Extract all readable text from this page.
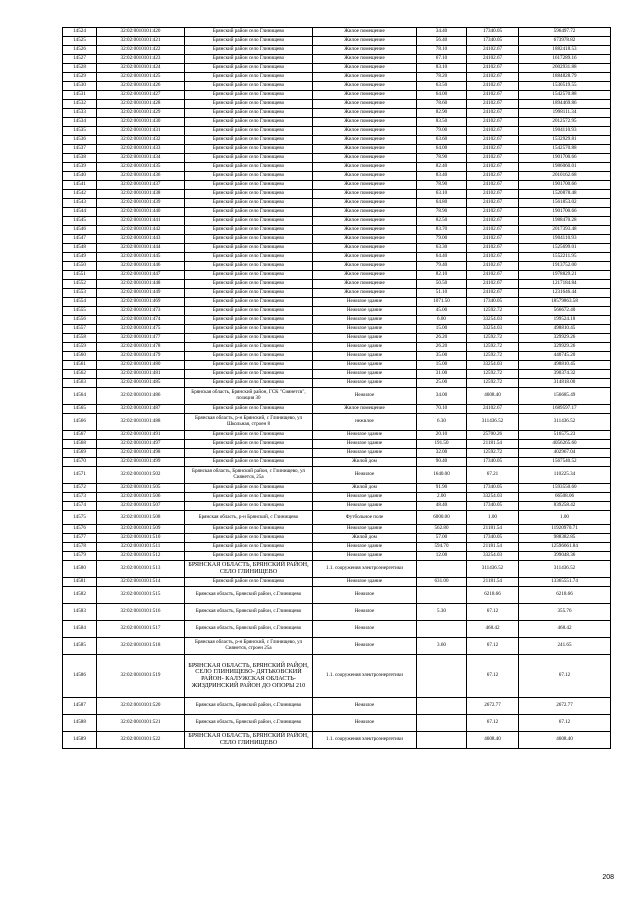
14524	32:02:0010101:420	Брянский район село Глинищево	Жилое помещение	34.40	17340.05	596497.72
14525	32:02:0010101:421	Брянский район село Глинищево	Жилое помещение	56.40	17340.05	673978.82
14526	32:02:0010101:422	Брянский район село Глинищево	Жилое помещение	78.10	24102.67	1882418.53
14527	32:02:0010101:423	Брянский район село Глинищево	Жилое помещение	67.10	24102.67	1617289.16
14528	32:02:0010101:424	Брянский район село Глинищево	Жилое помещение	83.10	24102.67	2002931.88
14529	32:02:0010101:425	Брянский район село Глинищево	Жилое помещение	78.20	24102.67	1884828.79
14530	32:02:0010101:426	Брянский район село Глинищево	Жилое помещение	63.50	24102.67	1530519.55
14531	32:02:0010101:427	Брянский район село Глинищево	Жилое помещение	64.00	24102.67	1542570.88
14532	32:02:0010101:428	Брянский район село Глинищево	Жилое помещение	78.60	24102.67	1894469.86
14533	32:02:0010101:429	Брянский район село Глинищево	Жилое помещение	82.90	24102.67	1998111.34
14534	32:02:0010101:430	Брянский район село Глинищево	Жилое помещение	83.50	24102.67	2012572.95
14535	32:02:0010101:431	Брянский район село Глинищево	Жилое помещение	79.00	24102.67	1904110.93
14536	32:02:0010101:432	Брянский район село Глинищево	Жилое помещение	63.60	24102.67	1532929.81
14537	32:02:0010101:433	Брянский район село Глинищево	Жилое помещение	64.00	24102.67	1542570.88
14538	32:02:0010101:434	Брянский район село Глинищево	Жилое помещение	78.90	24102.67	1901700.66
14539	32:02:0010101:435	Брянский район село Глинищево	Жилое помещение	82.40	24102.67	1986060.01
14540	32:02:0010101:436	Брянский район село Глинищево	Жилое помещение	83.40	24102.67	2010162.68
14541	32:02:0010101:437	Брянский район село Глинищево	Жилое помещение	78.90	24102.67	1901700.66
14542	32:02:0010101:438	Брянский район село Глинищево	Жилое помещение	63.10	24102.67	1520878.48
14543	32:02:0010101:439	Брянский район село Глинищево	Жилое помещение	64.80	24102.67	1561853.02
14544	32:02:0010101:440	Брянский район село Глинищево	Жилое помещение	78.90	24102.67	1901700.66
14545	32:02:0010101:441	Брянский район село Глинищево	Жилое помещение	82.50	24102.67	1988470.28
14546	32:02:0010101:442	Брянский район село Глинищево	Жилое помещение	83.70	24102.67	2017393.48
14547	32:02:0010101:443	Брянский район село Глинищево	Жилое помещение	79.00	24102.67	1904110.93
14548	32:02:0010101:444	Брянский район село Глинищево	Жилое помещение	63.30	24102.67	1525699.01
14549	32:02:0010101:445	Брянский район село Глинищево	Жилое помещение	64.40	24102.67	1552211.95
14550	32:02:0010101:446	Брянский район село Глинищево	Жилое помещение	79.40	24102.67	1913752.00
14551	32:02:0010101:447	Брянский район село Глинищево	Жилое помещение	82.10	24102.67	1978829.21
14552	32:02:0010101:448	Брянский район село Глинищево	Жилое помещение	50.50	24102.67	1217184.84
14553	32:02:0010101:449	Брянский район село Глинищево	Жилое помещение	51.10	24102.67	1231646.44
14554	32:02:0010101:469	Брянский район село Глинищево	Нежилое здание	1071.50	17340.05	18579863.58
14555	32:02:0010101:473	Брянский район село Глинищево	Нежилое здание	45.00	12592.72	566672.40
14556	32:02:0010101:474	Брянский район село Глинищево	Нежилое здание	6.00	33254.03	199524.18
14557	32:02:0010101:475	Брянский район село Глинищево	Нежилое здание	15.00	33254.03	498810.45
14558	32:02:0010101:477	Брянский район село Глинищево	Нежилое здание	26.20	12592.72	329929.26
14559	32:02:0010101:478	Брянский район село Глинищево	Нежилое здание	26.20	12592.72	329929.26
14560	32:02:0010101:479	Брянский район село Глинищево	Нежилое здание	35.00	12592.72	440745.20
14561	32:02:0010101:480	Брянский район село Глинищево	Нежилое здание	15.00	33254.03	498810.45
14562	32:02:0010101:481	Брянский район село Глинищево	Нежилое здание	31.00	12592.72	390374.32
14563	32:02:0010101:485	Брянский район село Глинищево	Нежилое здание	25.00	12592.72	314818.00
14564	32:02:0010101:486	Брянская область, Брянский район, ГСК "Сиянетсв", позиция 30	Нежилое	34.00	4608.40	156685.49
14565	32:02:0010101:487	Брянский район село Глинищево	Жилое помещение	70.10	24102.67	1689597.17
14566	32:02:0010101:488	Брянская область, р-н Брянский, с Глинищево, ул Школьная, строен 8	нежилое	6.30	311436.52	311436.52
14567	32:02:0010101:491	Брянский район село Глинищево	Нежилое здание	20.10	25700.26	516575.23
14568	32:02:0010101:497	Брянский район село Глинищево	Нежилое здание	191.50	21181.54	4056265.60
14569	32:02:0010101:498	Брянский район село Глинищево	Нежилое здание	32.00	12592.72	402967.04
14570	32:02:0010101:499	Брянский район село Глинищево	Жилой дом	90.40	17340.05	1567540.52
14571	32:02:0010101:502	Брянская область, Брянский район, с Глинищево, ул Сиянетсв, 25а	Нежилое	1640.00	67.21	110225.34
14572	32:02:0010101:505	Брянский район село Глинищево	Жилой дом	91.90	17340.05	1593550.60
14573	32:02:0010101:506	Брянский район село Глинищево	Нежилое здание	2.00	33254.03	66508.06
14574	32:02:0010101:507	Брянский район село Глинищево	Нежилое здание	48.40	17340.05	839258.42
14575	32:02:0010101:508	Брянская область, р-н Брянский, с Глинищево	Футбольное поле	6000.00	1.00	1.00
14576	32:02:0010101:509	Брянский район село Глинищево	Нежилое здание	562.80	21181.54	11920970.71
14577	32:02:0010101:510	Брянский район село Глинищево	Жилой дом	57.00	17340.05	988382.85
14578	32:02:0010101:511	Брянский район село Глинищево	Нежилое здание	594.70	21181.54	12596661.84
14579	32:02:0010101:512	Брянский район село Глинищево	Нежилое здание	12.00	33254.03	399048.36
14580	32:02:0010101:513	БРЯНСКАЯ ОБЛАСТЬ, БРЯНСКИЙ РАЙОН, СЕЛО ГЛИНИЩЕВО	1.1. сооружения электроэнергетики		311436.52	311436.52
14581	32:02:0010101:514	Брянский район село Глинищево	Нежилое здание	631.00	21181.54	13365551.74
14582	32:02:0010101:515	Брянская область, Брянский район, с.Глинищево	Нежилое		6218.66	6218.66
14583	32:02:0010101:516	Брянская область, Брянский район, с.Глинищево	Нежилое	5.30	67.12	355.76
14584	32:02:0010101:517	Брянская область, Брянский район, с.Глинищево	Нежилое		468.42	468.42
14585	32:02:0010101:518	Брянская область, р-н Брянский, с Глинищево, ул Сиянетсв, строен 25а	Нежилое	3.60	67.12	241.65
14586	32:02:0010101:519	БРЯНСКАЯ ОБЛАСТЬ, БРЯНСКИЙ РАЙОН, СЕЛО ГЛИНИЩЕВО- ДЯТЬКОВСКИЙ РАЙОН- КАЛУЖСКАЯ ОБЛАСТЬ- ЖИЗДРИНСКИЙ РАЙОН ДО ОПОРЫ 210	1.1. сооружения электроэнергетики		67.12	67.12
14587	32:02:0010101:520	Брянская область, Брянский район, с.Глинищево	Нежилое		2672.77	2672.77
14588	32:02:0010101:521	Брянская область, Брянский район, с.Глинищево	Нежилое		67.12	67.12
14589	32:02:0010101:522	БРЯНСКАЯ ОБЛАСТЬ, БРЯНСКИЙ РАЙОН, СЕЛО ГЛИНИЩЕВО	1.1. сооружения электроэнергетики		4608.40	4608.40
208
